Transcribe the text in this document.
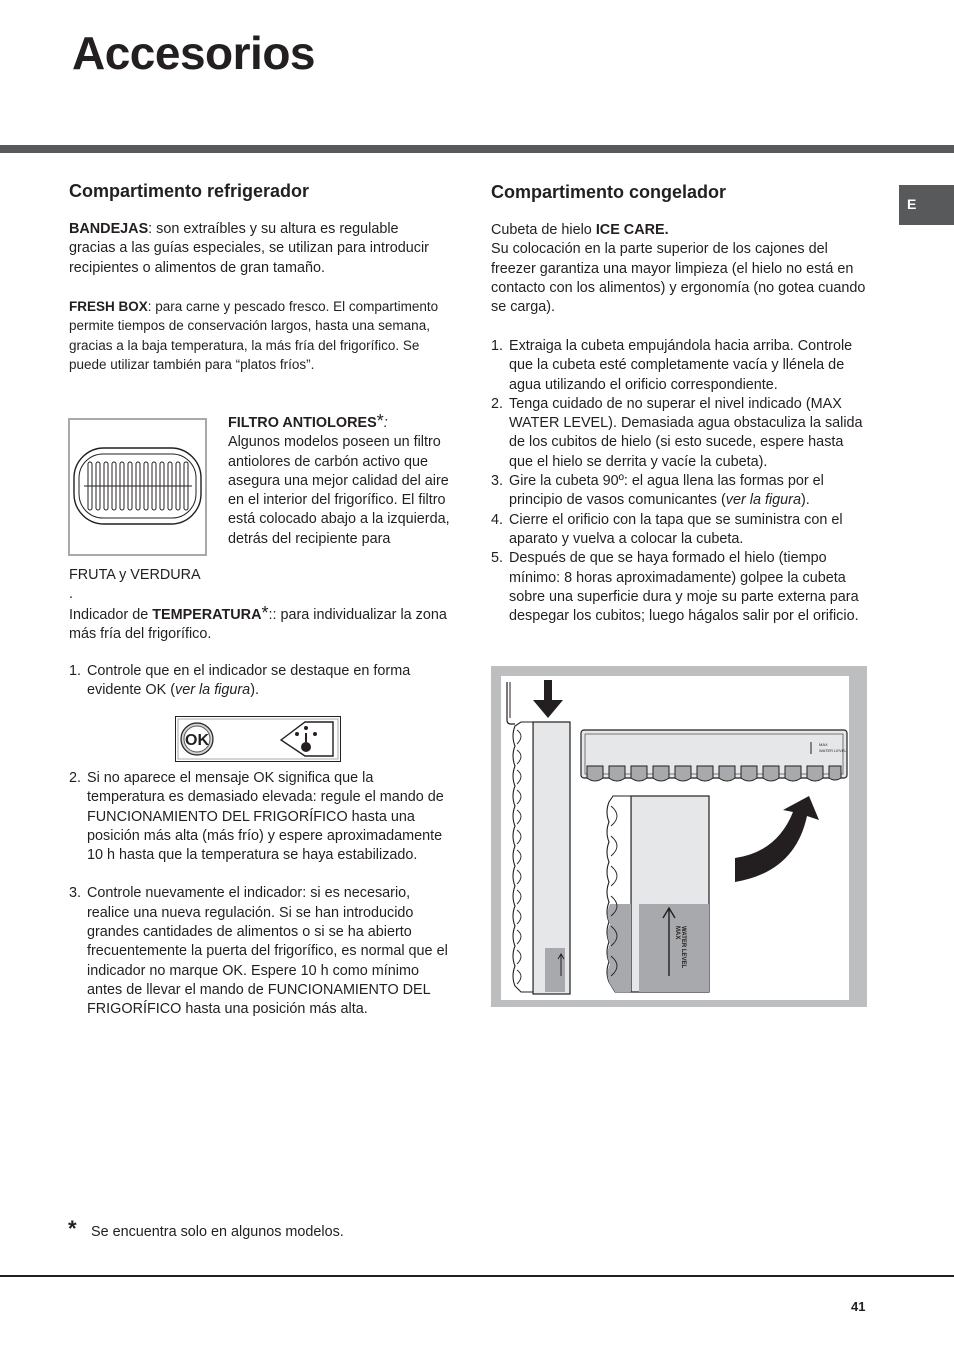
Accesorios
E
Compartimento refrigerador
BANDEJAS: son extraíbles y su altura es regulable gracias a las guías especiales, se utilizan para introducir recipientes o alimentos de gran tamaño.
FRESH BOX: para carne y pescado fresco. El compartimento permite tiempos de conservación largos, hasta una semana, gracias a la baja temperatura, la más fría del frigorífico. Se puede utilizar también para “platos fríos”.
FILTRO ANTIOLORES*:
Algunos modelos poseen un filtro antiolores de carbón activo que asegura una mejor calidad del aire en el interior del frigorífico. El filtro está colocado abajo a la izquierda, detrás del recipiente para
FRUTA y VERDURA
.
Indicador de TEMPERATURA*:: para individualizar la zona más fría del frigorífico.
1. Controle que en el indicador se destaque en forma evidente OK (ver la figura).
OK
2. Si no aparece el mensaje OK significa que la temperatura es demasiado elevada: regule el mando de FUNCIONAMIENTO DEL FRIGORÍFICO hasta una posición más alta (más frío) y espere aproximadamente 10 h hasta que la temperatura se haya estabilizado.
3. Controle nuevamente el indicador: si es necesario, realice una nueva regulación. Si se han introducido grandes cantidades de alimentos o si se ha abierto frecuentemente la puerta del frigorífico, es normal que el indicador no marque OK. Espere 10 h como mínimo antes de llevar el mando de FUNCIONAMIENTO DEL FRIGORÍFICO hasta una posición más alta.
Compartimento congelador
Cubeta de hielo ICE CARE.
Su colocación en la parte superior de los cajones del freezer garantiza una mayor limpieza (el hielo no está en contacto con los alimentos) y ergonomía (no gotea cuando se carga).
1. Extraiga la cubeta empujándola hacia arriba. Controle que la cubeta esté completamente vacía y llénela de agua utilizando el orificio correspondiente.
2. Tenga cuidado de no superar el nivel indicado (MAX WATER LEVEL). Demasiada agua obstaculiza la salida de los cubitos de hielo (si esto sucede, espere hasta que el hielo se derrita y vacíe la cubeta).
3. Gire la cubeta 90º: el agua llena las formas por el principio de vasos comunicantes (ver la figura).
4. Cierre el orificio con la tapa que se suministra con el aparato y vuelva a colocar la cubeta.
5. Después de que se haya formado el hielo (tiempo mínimo: 8 horas aproximadamente) golpee la cubeta sobre una superficie dura y moje su parte externa para despegar los cubitos; luego hágalos salir por el orificio.
MAX
WATER LEVEL
MAX WATER LEVEL
* Se encuentra solo en algunos modelos.
41
